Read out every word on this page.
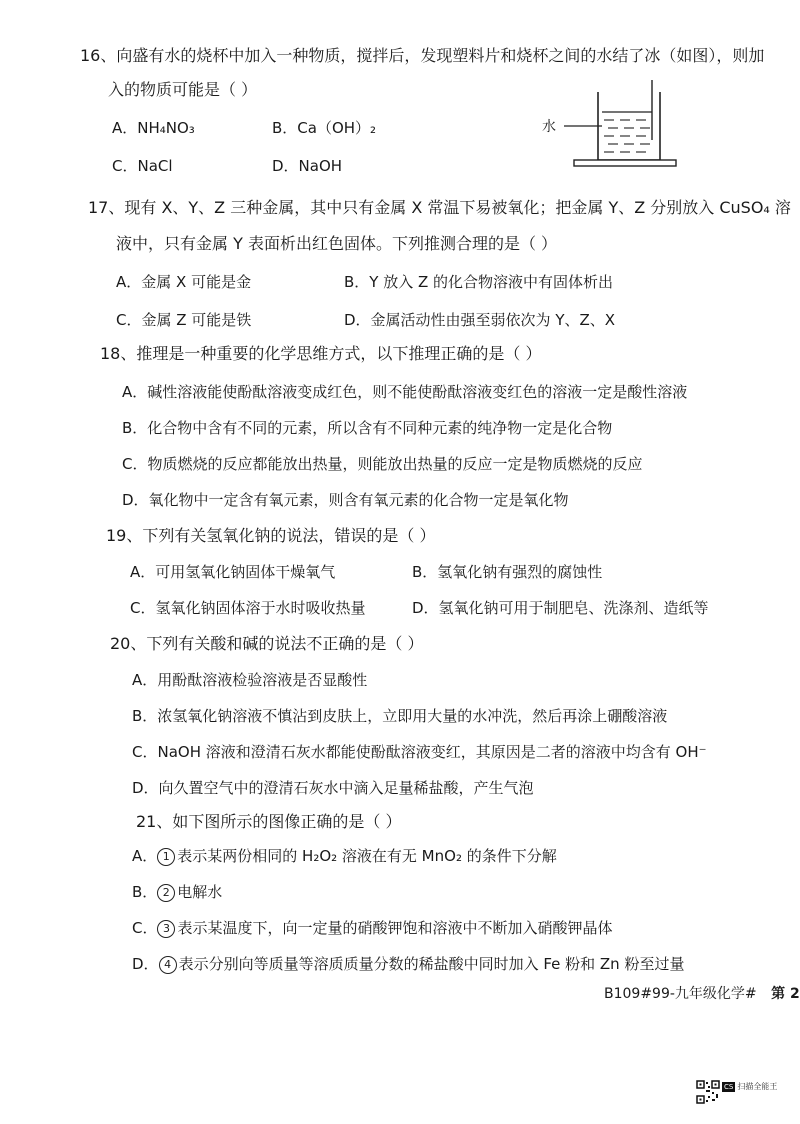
16、向盛有水的烧杯中加入一种物质，搅拌后，发现塑料片和烧杯之间的水结了冰（如图），则加
入的物质可能是（ ）
A．NH₄NO₃	B．Ca（OH）₂
C．NaCl	D．NaOH
水
17、现有 X、Y、Z 三种金属，其中只有金属 X 常温下易被氧化；把金属 Y、Z 分别放入 CuSO₄ 溶
液中，只有金属 Y 表面析出红色固体。下列推测合理的是（ ）
A．金属 X 可能是金	B．Y 放入 Z 的化合物溶液中有固体析出
C．金属 Z 可能是铁	D．金属活动性由强至弱依次为 Y、Z、X
18、推理是一种重要的化学思维方式，以下推理正确的是（ ）
A．碱性溶液能使酚酞溶液变成红色，则不能使酚酞溶液变红色的溶液一定是酸性溶液
B．化合物中含有不同的元素，所以含有不同种元素的纯净物一定是化合物
C．物质燃烧的反应都能放出热量，则能放出热量的反应一定是物质燃烧的反应
D．氧化物中一定含有氧元素，则含有氧元素的化合物一定是氧化物
19、下列有关氢氧化钠的说法，错误的是（ ）
A．可用氢氧化钠固体干燥氧气	B．氢氧化钠有强烈的腐蚀性
C．氢氧化钠固体溶于水时吸收热量	D．氢氧化钠可用于制肥皂、洗涤剂、造纸等
20、下列有关酸和碱的说法不正确的是（ ）
A．用酚酞溶液检验溶液是否显酸性
B．浓氢氧化钠溶液不慎沾到皮肤上，立即用大量的水冲洗，然后再涂上硼酸溶液
C．NaOH 溶液和澄清石灰水都能使酚酞溶液变红，其原因是二者的溶液中均含有 OH⁻
D．向久置空气中的澄清石灰水中滴入足量稀盐酸，产生气泡
21、如下图所示的图像正确的是（ ）
A． 1 表示某两份相同的 H₂O₂ 溶液在有无 MnO₂ 的条件下分解
B． 2 电解水
C． 3 表示某温度下，向一定量的硝酸钾饱和溶液中不断加入硝酸钾晶体
D． 4 表示分别向等质量等溶质质量分数的稀盐酸中同时加入 Fe 粉和 Zn 粉至过量
B109#99-九年级化学# 第 2
CS 扫描全能王
